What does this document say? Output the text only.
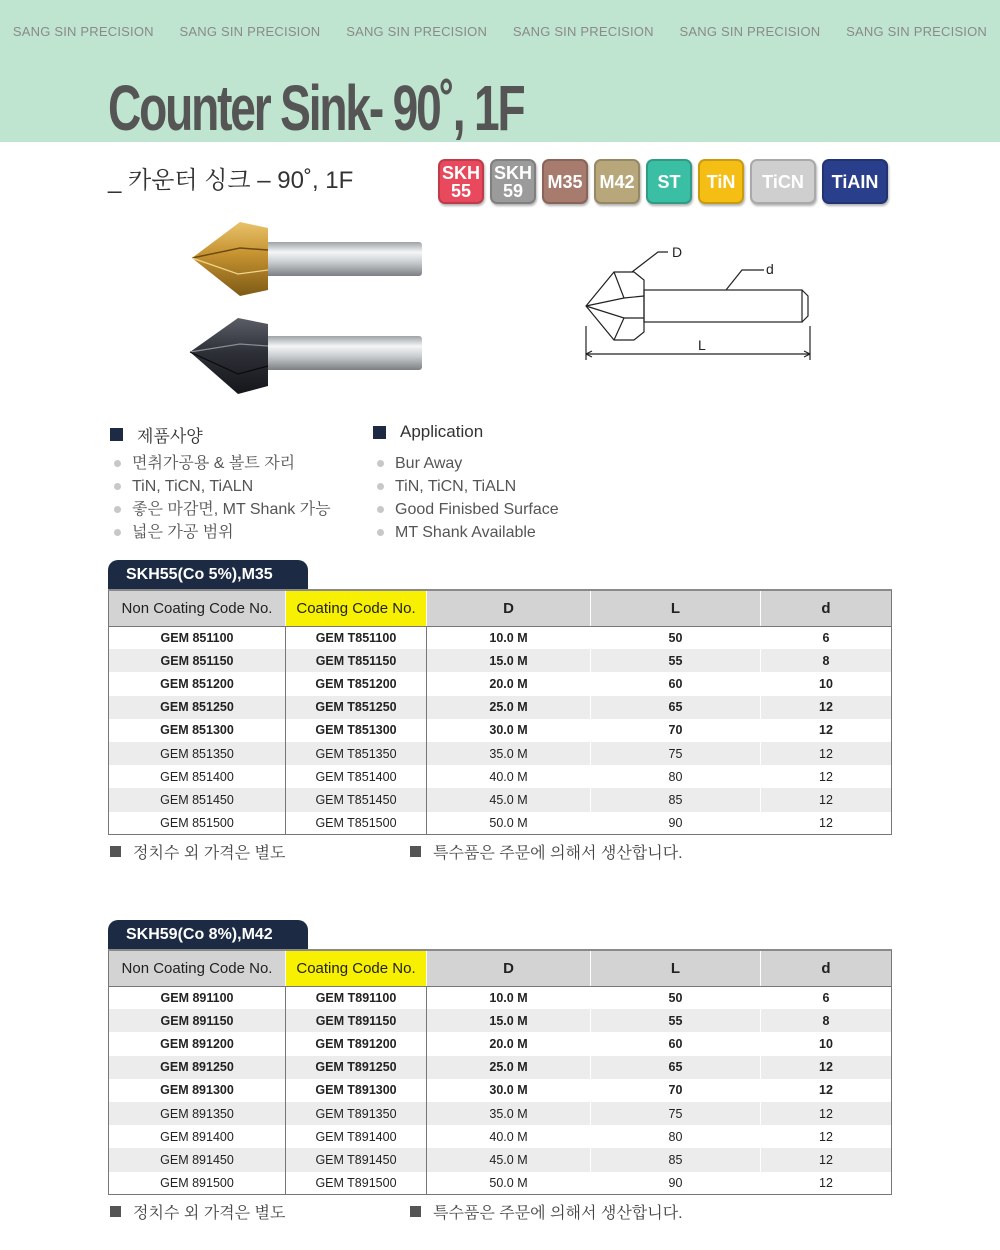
SANG SIN PRECISION SANG SIN PRECISION SANG SIN PRECISION SANG SIN PRECISION SANG SIN PRECISION SANG SIN PRECISION
Counter Sink- 90˚, 1F
_ 카운터 싱크 – 90˚, 1F	SKH
55
SKH
59 M35 M42 ST TiN TiCN TiAIN
D
d
L
제품사양
면취가공용 & 볼트 자리
TiN, TiCN, TiALN
좋은 마감면, MT Shank 가능
넓은 가공 범위
Application
Bur Away
TiN, TiCN, TiALN
Good Finisbed Surface
MT Shank Available
SKH55(Co 5%),M35
Non Coating Code No.	Coating Code No.	D	L	d
GEM 851100	GEM T851100	10.0 M	50	6
GEM 851150	GEM T851150	15.0 M	55	8
GEM 851200	GEM T851200	20.0 M	60	10
GEM 851250	GEM T851250	25.0 M	65	12
GEM 851300	GEM T851300	30.0 M	70	12
GEM 851350	GEM T851350	35.0 M	75	12
GEM 851400	GEM T851400	40.0 M	80	12
GEM 851450	GEM T851450	45.0 M	85	12
GEM 851500	GEM T851500	50.0 M	90	12
정치수 외 가격은 별도	특수품은 주문에 의해서 생산합니다.
SKH59(Co 8%),M42
Non Coating Code No.	Coating Code No.	D	L	d
GEM 891100	GEM T891100	10.0 M	50	6
GEM 891150	GEM T891150	15.0 M	55	8
GEM 891200	GEM T891200	20.0 M	60	10
GEM 891250	GEM T891250	25.0 M	65	12
GEM 891300	GEM T891300	30.0 M	70	12
GEM 891350	GEM T891350	35.0 M	75	12
GEM 891400	GEM T891400	40.0 M	80	12
GEM 891450	GEM T891450	45.0 M	85	12
GEM 891500	GEM T891500	50.0 M	90	12
정치수 외 가격은 별도	특수품은 주문에 의해서 생산합니다.
